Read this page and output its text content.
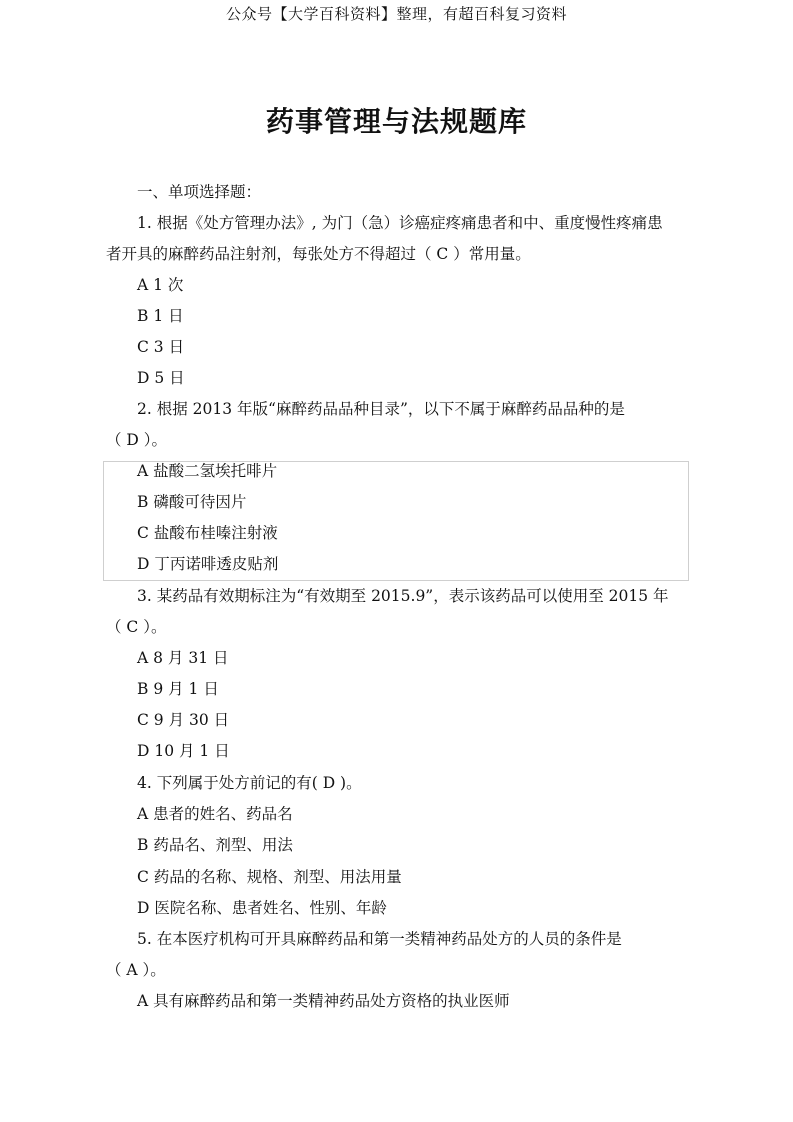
公众号【大学百科资料】整理，有超百科复习资料
药事管理与法规题库
一、单项选择题：
1. 根据《处方管理办法》, 为门（急）诊癌症疼痛患者和中、重度慢性疼痛患
者开具的麻醉药品注射剂，每张处方不得超过（ C ）常用量。
A 1 次
B 1 日
C 3 日
D 5 日
2. 根据 2013 年版“麻醉药品品种目录”，以下不属于麻醉药品品种的是
（ D ）。
A 盐酸二氢埃托啡片
B 磷酸可待因片
C 盐酸布桂嗪注射液
D 丁丙诺啡透皮贴剂
3. 某药品有效期标注为“有效期至 2015.9”，表示该药品可以使用至 2015 年
（ C ）。
A 8 月 31 日
B 9 月 1 日
C 9 月 30 日
D 10 月 1 日
4. 下列属于处方前记的有( D )。
A 患者的姓名、药品名
B 药品名、剂型、用法
C 药品的名称、规格、剂型、用法用量
D 医院名称、患者姓名、性别、年龄
5. 在本医疗机构可开具麻醉药品和第一类精神药品处方的人员的条件是
（ A ）。
A 具有麻醉药品和第一类精神药品处方资格的执业医师
